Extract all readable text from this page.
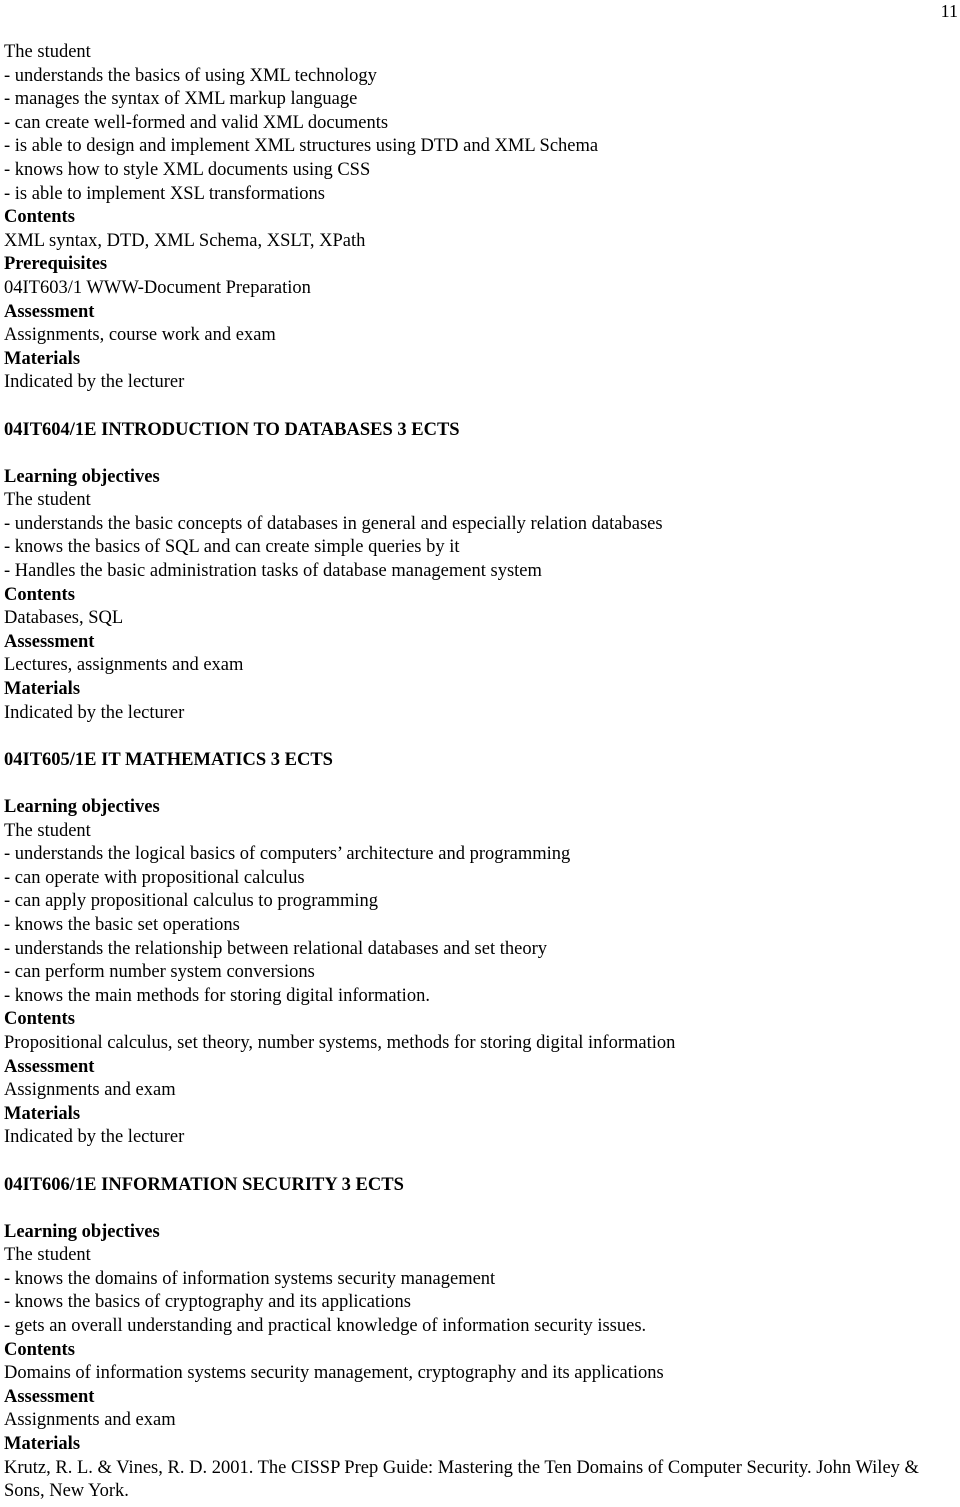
11
The student
- understands the basics of using XML technology
- manages the syntax of XML markup language
- can create well-formed and valid XML documents
- is able to design and implement XML structures using DTD and XML Schema
- knows how to style XML documents using CSS
- is able to implement XSL transformations
Contents
XML syntax, DTD, XML Schema, XSLT, XPath
Prerequisites
04IT603/1 WWW-Document Preparation
Assessment
Assignments, course work and exam
Materials
Indicated by the lecturer
04IT604/1E INTRODUCTION TO DATABASES 3 ECTS
Learning objectives
The student
- understands the basic concepts of databases in general and especially relation databases
- knows the basics of SQL and can create simple queries by it
- Handles the basic administration tasks of database management system
Contents
Databases, SQL
Assessment
Lectures, assignments and exam
Materials
Indicated by the lecturer
04IT605/1E IT MATHEMATICS 3 ECTS
Learning objectives
The student
- understands the logical basics of computers’ architecture and programming
- can operate with propositional calculus
- can apply propositional calculus to programming
- knows the basic set operations
- understands the relationship between relational databases and set theory
- can perform number system conversions
- knows the main methods for storing digital information.
Contents
Propositional calculus, set theory, number systems, methods for storing digital information
Assessment
Assignments and exam
Materials
Indicated by the lecturer
04IT606/1E INFORMATION SECURITY 3 ECTS
Learning objectives
The student
- knows the domains of information systems security management
- knows the basics of cryptography and its applications
- gets an overall understanding and practical knowledge of information security issues.
Contents
Domains of information systems security management, cryptography and its applications
Assessment
Assignments and exam
Materials
Krutz, R. L. & Vines, R. D. 2001. The CISSP Prep Guide: Mastering the Ten Domains of Computer Security. John Wiley & Sons, New York.
